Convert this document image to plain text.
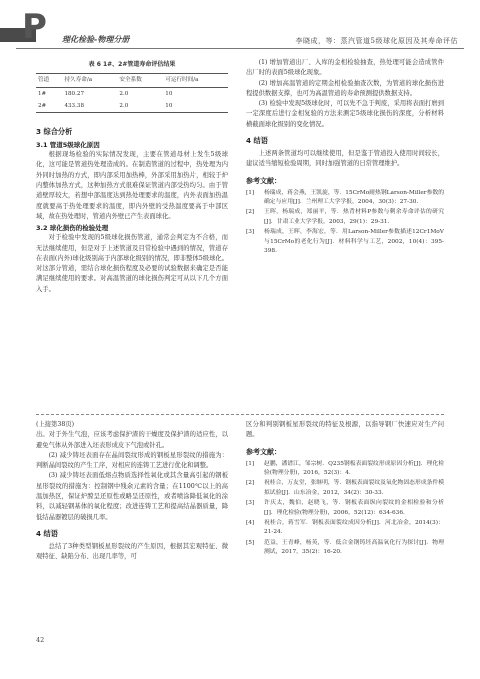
P 理化检验-物理分册	李晓成，等：蒸汽管道5级球化原因及其寿命评估
表 6 1#、2#管道寿命评估结果
管道	持久寿命/a	安全系数	可运行时间/a
1#	180.27	2.0	10
2#	433.38	2.0	10
3 综合分析
3.1 管道5级球化原因

根据现场检验的实际情况发现，主要在管道母材上发生5级球化，这可能是管道热处理造成的。在制造管道的过程中，热处理为内外同时加热的方式，即内部采用加热棒，外部采用加热片，相较于炉内整体加热方式，这种加热方式很难保证管道内部受热均匀。由于管道壁厚较大，若想中部温度达到热处理要求的温度，内外表面加热温度就要高于热处理要求的温度，即内外壁的受热温度要高于中部区域，故在热处理时，管道内外壁已产生表面球化。

3.2 球化损伤的检验处理

对于检验中发现的5级球化损伤管道，通常会判定为不合格，而无法继续使用，但是对于上述管道及目常检验中遇到的情况，管道存在表面(内外)球化级别高于内部球化级别的情况，即非整体5级球化。对这部分管道，需结合球化损伤程度及必要的试验数据来确定是否能满足继续使用的要求。对高温管道的球化损伤判定可从以下几个方面入手。

(1) 增加管道出厂、入库的金相检验抽查，热处理可能会造成管件出厂时的表面5级球化现象。

(2) 增加高温管道的定期金相检验抽查次数，为管道的球化损伤进程提供数据支撑，也可为高温管道的寿命预测提供数据支持。

(3) 检验中发现5级球化时，可以先不急于判废，采用将表面打磨到一定深度后进行金相复验的方法来测定5级球化损伤的深度，分析材料横截面球化级别的变化情况。

4 结语

上述两条管道均可以继续使用，但是鉴于管道投入使用时间较长，建议适当缩短检验周期，同时加强管道的日常管理维护。

参考文献：
[1]	杨瑞成，蒋会燕，王凯旋，等．15CrMo耐热钢Larson-Miller参数的确定与应用[J]．兰州理工大学学报，2004，30(3)：27-30.
[2]	王晖，杨瑞成，郑丽平，等．热背材料P参数与剩余寿命评估的研究[J]．甘肃工业大学学报，2003，29(1)：29-31.
[3]	杨瑞成，王晖，李海宏，等．用Larson-Miller参数描述12Cr1MoV与15CrMo的老化行为[J]．材料科学与工艺，2002，10(4)：395-398.

(上接第38页)

出。对于外生气泡，应该考虑保护渣的干燥度及保护渣的适应性，以避免气体从外部进入坯表形成皮下气泡或针孔。

(2) 减少铸坯表面存在晶间裂纹形成的钢板星形裂纹的措施为：判断晶间裂纹的产生工序，对相应的连铸工艺进行优化和调整。

(3) 减少铸坯表面低熔点物质选择性氧化或其含量高引起的钢板星形裂纹的措施为：控制钢中残余元素的含量；在1100℃以上的高温加热区，保证炉膛呈还原性或略呈还原性，或者喷涂降低氧化的涂料，以减轻钢基体的氧化程度；改进连铸工艺和提高结晶器质量，降低结晶器镀层的破损几率。

4 结语

总结了3种类型钢板星形裂纹的产生原因，根据其宏观特征、微观特征、缺陷分布、出现几率等，可

区分和判别钢板星形裂纹的特征及根源，以指导钢厂快速应对生产问题。

参考文献：
[1]	赵鹏，潘谱江，邹宗树．Q235钢板表面裂纹形成原因分析[J]．理化检验(物理分册)，2016，52(3)：4.
[2]	祝桂合，万友堂，张继明，等．钢板表面裂纹及氧化物固态形成条件模拟试验[J]．山东冶金，2012，34(2)：30-33.
[3]	许庆太，魏伯，赵晓飞，等．钢板表面纵向裂纹的金相检验和分析[J]．理化检验(物理分册)，2006，52(12)：634-636.
[4]	祝桂合，蒋雪军．钢板表面裂纹成因分析[J]．河北冶金，2014(3)：21-24.
[5]	范益，王青峰，杨英，等．低合金钢铸坯高温氧化行为探讨[J]．物理测试，2017，35(2)：16-20.
42
